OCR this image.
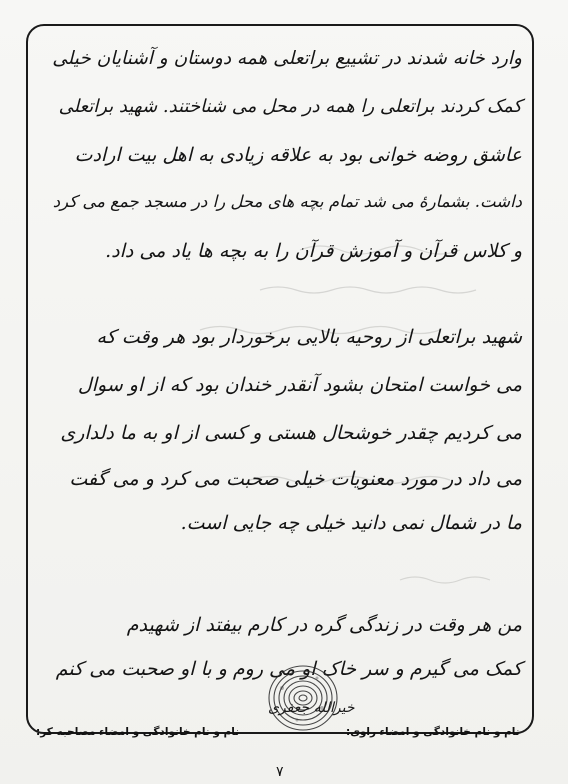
وارد خانه شدند در تشییع براتعلی همه دوستان و آشنایان خیلی
کمک کردند براتعلی را همه در محل می شناختند. شهید براتعلی
عاشق روضه خوانی بود به علاقه زیادی به اهل بیت ارادت
داشت. بشمارهٔ می شد تمام بچه های محل را در مسجد جمع می کرد
و کلاس قرآن و آموزش قرآن را به بچه ها یاد می داد.
شهید براتعلی از روحیه بالایی برخوردار بود هر وقت که
می خواست امتحان بشود آنقدر خندان بود که از او سوال
می کردیم چقدر خوشحال هستی و کسی از او به ما دلداری
می داد در مورد معنویات خیلی صحبت می کرد و می گفت
ما در شمال نمی دانید خیلی چه جایی است.
من هر وقت در زندگی گره در کارم بیفتد از شهیدم
کمک می گیرم و سر خاک او می روم و با او صحبت می کنم
خیرالله جعفری
نام و نام خانوادگی و امضاء مصاحبه کر:	نام و نام خانوادگی و امضاء راوی:
۷
